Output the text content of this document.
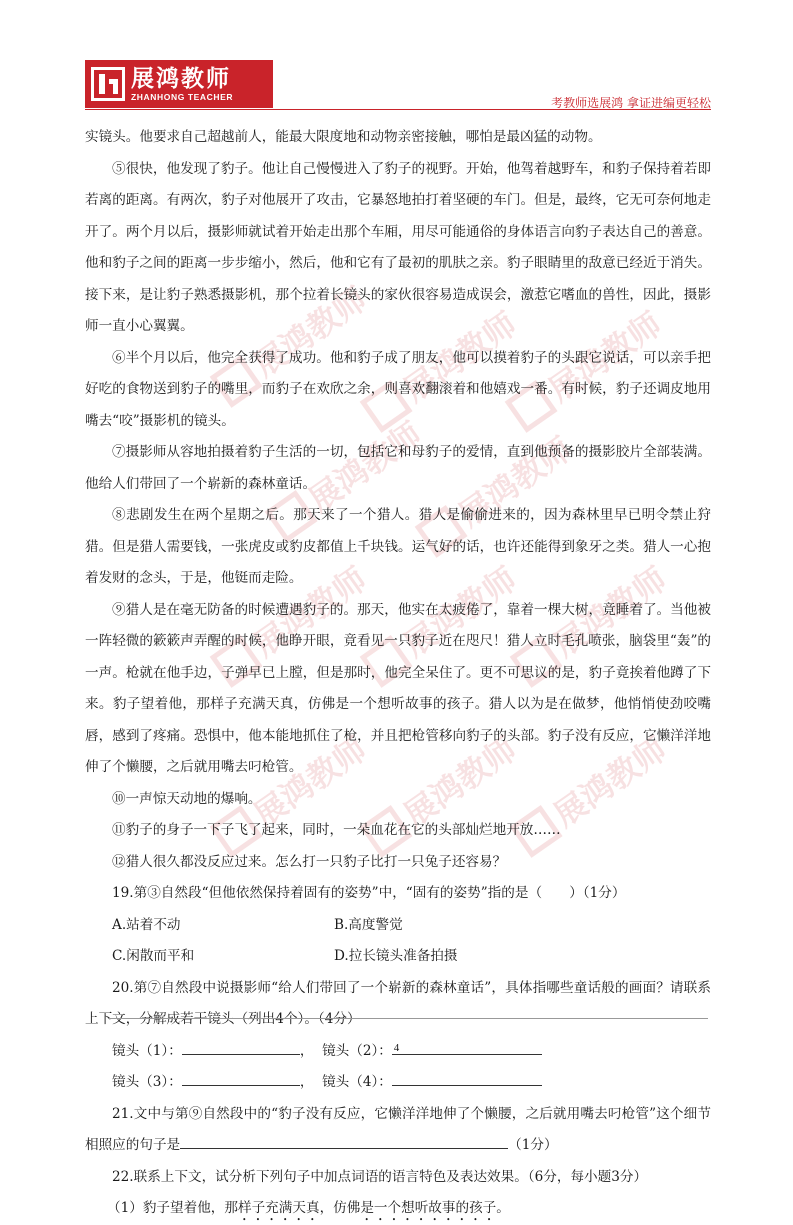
展鸿教师
ZHANHONG TEACHER	考教师选展鸿 拿证进编更轻松
展鸿教师 展鸿教师 展鸿教师
展鸿教师 展鸿教师
展鸿教师 展鸿教师 展鸿教师
展鸿教师 展鸿教师 展鸿教师

实镜头。他要求自己超越前人，能最大限度地和动物亲密接触，哪怕是最凶猛的动物。

⑤很快，他发现了豹子。他让自己慢慢进入了豹子的视野。开始，他驾着越野车，和豹子保持着若即若离的距离。有两次，豹子对他展开了攻击，它暴怒地拍打着坚硬的车门。但是，最终，它无可奈何地走开了。两个月以后，摄影师就试着开始走出那个车厢，用尽可能通俗的身体语言向豹子表达自己的善意。他和豹子之间的距离一步步缩小，然后，他和它有了最初的肌肤之亲。豹子眼睛里的敌意已经近于消失。接下来，是让豹子熟悉摄影机，那个拉着长镜头的家伙很容易造成误会，激惹它嗜血的兽性，因此，摄影师一直小心翼翼。

⑥半个月以后，他完全获得了成功。他和豹子成了朋友，他可以摸着豹子的头跟它说话，可以亲手把好吃的食物送到豹子的嘴里，而豹子在欢欣之余，则喜欢翻滚着和他嬉戏一番。有时候，豹子还调皮地用嘴去“咬”摄影机的镜头。

⑦摄影师从容地拍摄着豹子生活的一切，包括它和母豹子的爱情，直到他预备的摄影胶片全部装满。他给人们带回了一个崭新的森林童话。

⑧悲剧发生在两个星期之后。那天来了一个猎人。猎人是偷偷进来的，因为森林里早已明令禁止狩猎。但是猎人需要钱，一张虎皮或豹皮都值上千块钱。运气好的话，也许还能得到象牙之类。猎人一心抱着发财的念头，于是，他铤而走险。

⑨猎人是在毫无防备的时候遭遇豹子的。那天，他实在太疲倦了，靠着一棵大树，竟睡着了。当他被一阵轻微的簌簌声弄醒的时候，他睁开眼，竟看见一只豹子近在咫尺！猎人立时毛孔喷张，脑袋里“轰”的一声。枪就在他手边，子弹早已上膛，但是那时，他完全呆住了。更不可思议的是，豹子竟挨着他蹲了下来。豹子望着他，那样子充满天真，仿佛是一个想听故事的孩子。猎人以为是在做梦，他悄悄使劲咬嘴唇，感到了疼痛。恐惧中，他本能地抓住了枪，并且把枪管移向豹子的头部。豹子没有反应，它懒洋洋地伸了个懒腰，之后就用嘴去叼枪管。

⑩一声惊天动地的爆响。

⑪豹子的身子一下子飞了起来，同时，一朵血花在它的头部灿烂地开放……

⑫猎人很久都没反应过来。怎么打一只豹子比打一只兔子还容易？

19.第③自然段“但他依然保持着固有的姿势”中，“固有的姿势”指的是（　　）（1分）

A.站着不动	B.高度警觉
C.闲散而平和	D.拉长镜头准备拍摄

20.第⑦自然段中说摄影师“给人们带回了一个崭新的森林童话”，具体指哪些童话般的画面？请联系上下文，分解成若干镜头（列出4个）。（4分）

镜头（1）：	，  镜头（2）：
镜头（3）：	，  镜头（4）：

21.文中与第⑨自然段中的“豹子没有反应，它懒洋洋地伸了个懒腰，之后就用嘴去叼枪管”这个细节相照应的句子是	（1分）

22.联系上下文，试分析下列句子中加点词语的语言特色及表达效果。（6分，每小题3分）

（1）豹子望着他，那样子充满天真，仿佛是一个想听故事的孩子。

4
